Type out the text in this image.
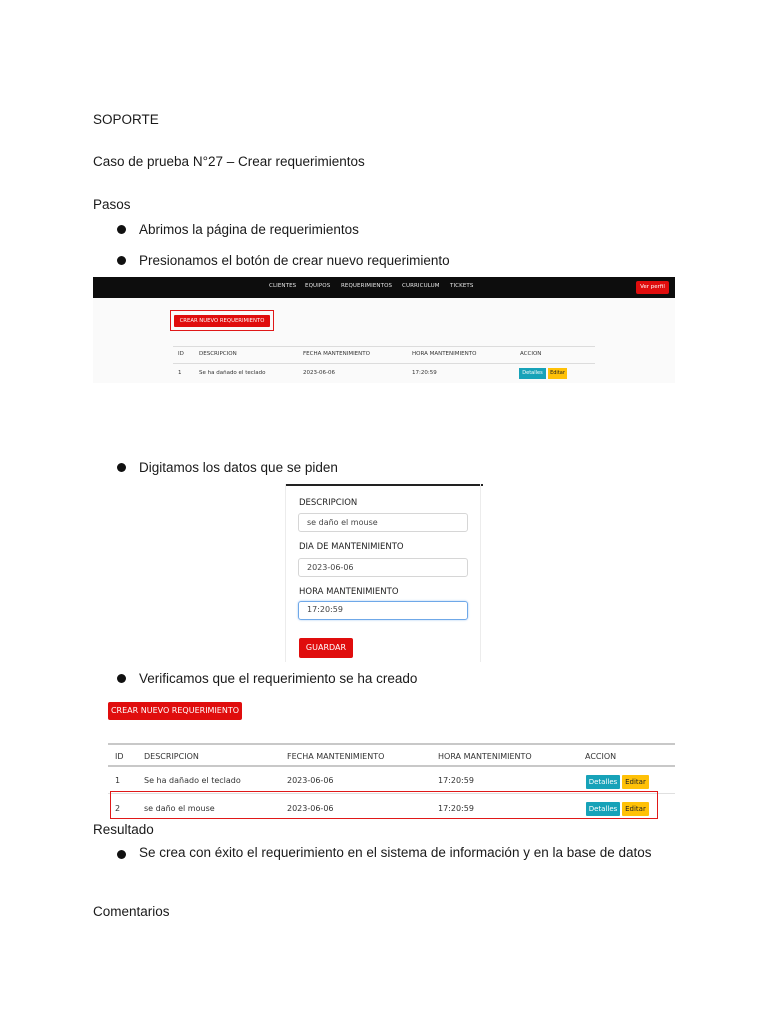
SOPORTE
Caso de prueba N°27 – Crear requerimientos
Pasos
Abrimos la página de requerimientos
Presionamos el botón de crear nuevo requerimiento
CLIENTES EQUIPOS REQUERIMIENTOS CURRICULUM TICKETS	Ver perfil
CREAR NUEVO REQUERIMIENTO
ID	DESCRIPCION	FECHA MANTENIMIENTO	HORA MANTENIMIENTO	ACCION
1	Se ha dañado el teclado	2023-06-06	17:20:59	Detalles	Editar
Digitamos los datos que se piden
DESCRIPCION
se daño el mouse
DIA DE MANTENIMIENTO
2023-06-06
HORA MANTENIMIENTO
17:20:59
GUARDAR
Verificamos que el requerimiento se ha creado
CREAR NUEVO REQUERIMIENTO
ID	DESCRIPCION	FECHA MANTENIMIENTO	HORA MANTENIMIENTO	ACCION
1	Se ha dañado el teclado	2023-06-06	17:20:59	Detalles	Editar
2	se daño el mouse	2023-06-06	17:20:59	Detalles	Editar
Resultado
Se crea con éxito el requerimiento en el sistema de información y en la base de datos
Comentarios
